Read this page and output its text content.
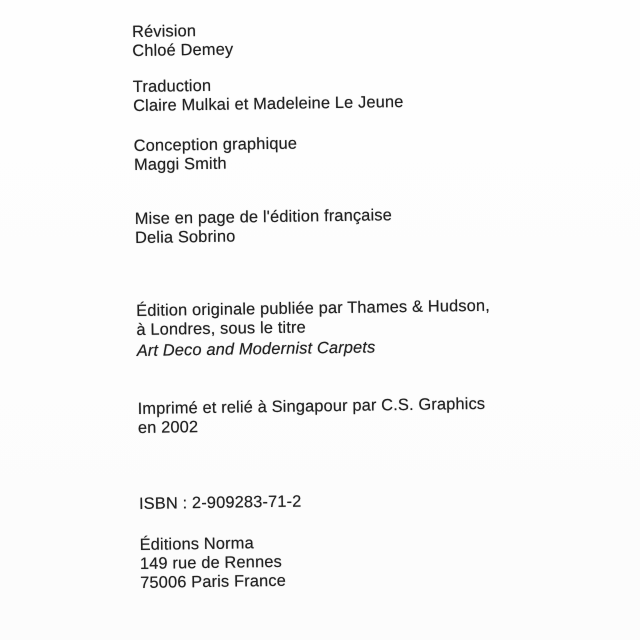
Révision
Chloé Demey
Traduction
Claire Mulkai et Madeleine Le Jeune
Conception graphique
Maggi Smith
Mise en page de l'édition française
Delia Sobrino
Édition originale publiée par Thames & Hudson,
à Londres, sous le titre
Art Deco and Modernist Carpets
Imprimé et relié à Singapour par C.S. Graphics
en 2002
ISBN : 2-909283-71-2
Éditions Norma
149 rue de Rennes
75006 Paris France
